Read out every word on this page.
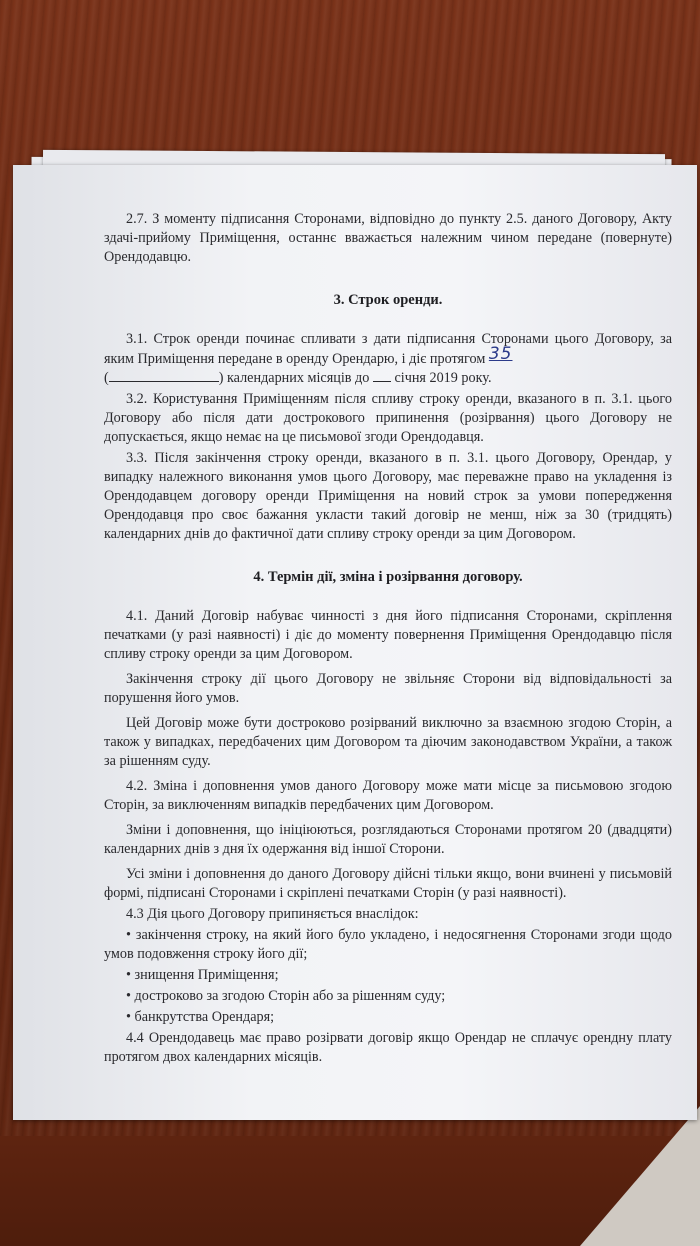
2.7. З моменту підписання Сторонами, відповідно до пункту 2.5. даного Договору, Акту здачі-прийому Приміщення, останнє вважається належним чином передане (повернуте) Орендодавцю.

3. Строк оренди.

3.1. Строк оренди починає спливати з дати підписання Сторонами цього Договору, за яким Приміщення передане в оренду Орендарю, і діє протягом 35
(	) календарних місяців до січня 2019 року.

3.2. Користування Приміщенням після спливу строку оренди, вказаного в п. 3.1. цього Договору або після дати дострокового припинення (розірвання) цього Договору не допускається, якщо немає на це письмової згоди Орендодавця.

3.3. Після закінчення строку оренди, вказаного в п. 3.1. цього Договору, Орендар, у випадку належного виконання умов цього Договору, має переважне право на укладення із Орендодавцем договору оренди Приміщення на новий строк за умови попередження Орендодавця про своє бажання укласти такий договір не менш, ніж за 30 (тридцять) календарних днів до фактичної дати спливу строку оренди за цим Договором.

4. Термін дії, зміна і розірвання договору.

4.1. Даний Договір набуває чинності з дня його підписання Сторонами, скріплення печатками (у разі наявності) і діє до моменту повернення Приміщення Орендодавцю після спливу строку оренди за цим Договором.

Закінчення строку дії цього Договору не звільняє Сторони від відповідальності за порушення його умов.

Цей Договір може бути достроково розірваний виключно за взаємною згодою Сторін, а також у випадках, передбачених цим Договором та діючим законодавством України, а також за рішенням суду.

4.2. Зміна і доповнення умов даного Договору може мати місце за письмовою згодою Сторін, за виключенням випадків передбачених цим Договором.

Зміни і доповнення, що ініціюються, розглядаються Сторонами протягом 20 (двадцяти) календарних днів з дня їх одержання від іншої Сторони.

Усі зміни і доповнення до даного Договору дійсні тільки якщо, вони вчинені у письмовій формі, підписані Сторонами і скріплені печатками Сторін (у разі наявності).

4.3 Дія цього Договору припиняється внаслідок:

• закінчення строку, на який його було укладено, і недосягнення Сторонами згоди щодо умов подовження строку його дії;

• знищення Приміщення;

• достроково за згодою Сторін або за рішенням суду;

• банкрутства Орендаря;

4.4 Орендодавець має право розірвати договір якщо Орендар не сплачує орендну плату протягом двох календарних місяців.
